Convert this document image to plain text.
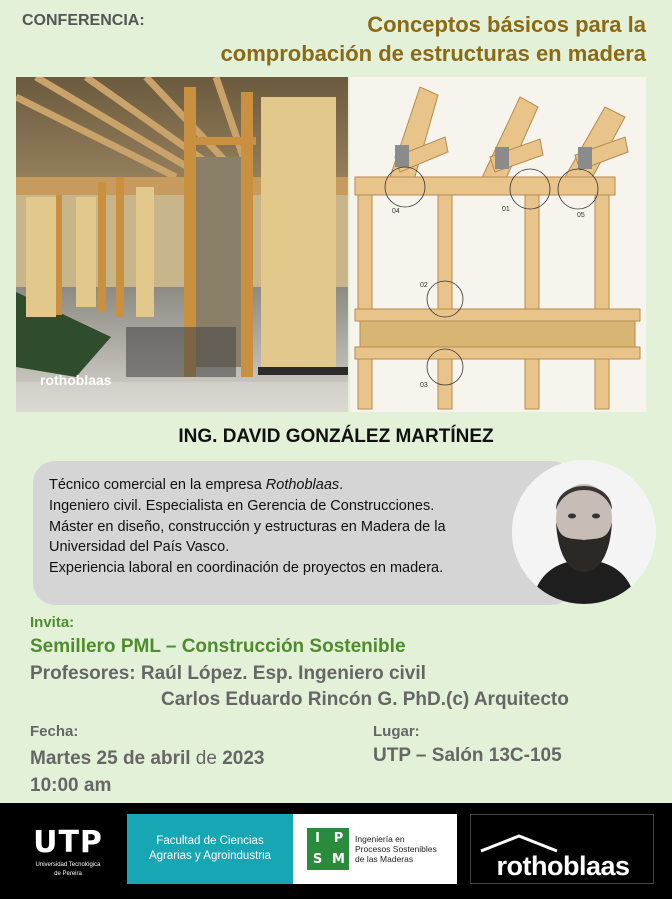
CONFERENCIA:	Conceptos básicos para la
comprobación de estructuras en madera
rothoblaas
04	01
05
02
03
ING. DAVID GONZÁLEZ MARTÍNEZ
Técnico comercial en la empresa Rothoblaas.
Ingeniero civil. Especialista en Gerencia de Construcciones.
Máster en diseño, construcción y estructuras en Madera de la
Universidad del País Vasco.
Experiencia laboral en coordinación de proyectos en madera.
Invita:
Semillero PML – Construcción Sostenible
Profesores: Raúl López. Esp. Ingeniero civil
Carlos Eduardo Rincón G. PhD.(c) Arquitecto
Fecha:
Martes 25 de abril de 2023
10:00 am
Lugar:
UTP – Salón 13C-105
UTP
Universidad Tecnológica
de Pereira
Facultad de Ciencias
Agrarias y Agroindustria
I	P
S M
Ingeniería en
Procesos Sostenibles
de las Maderas	rothoblaas
